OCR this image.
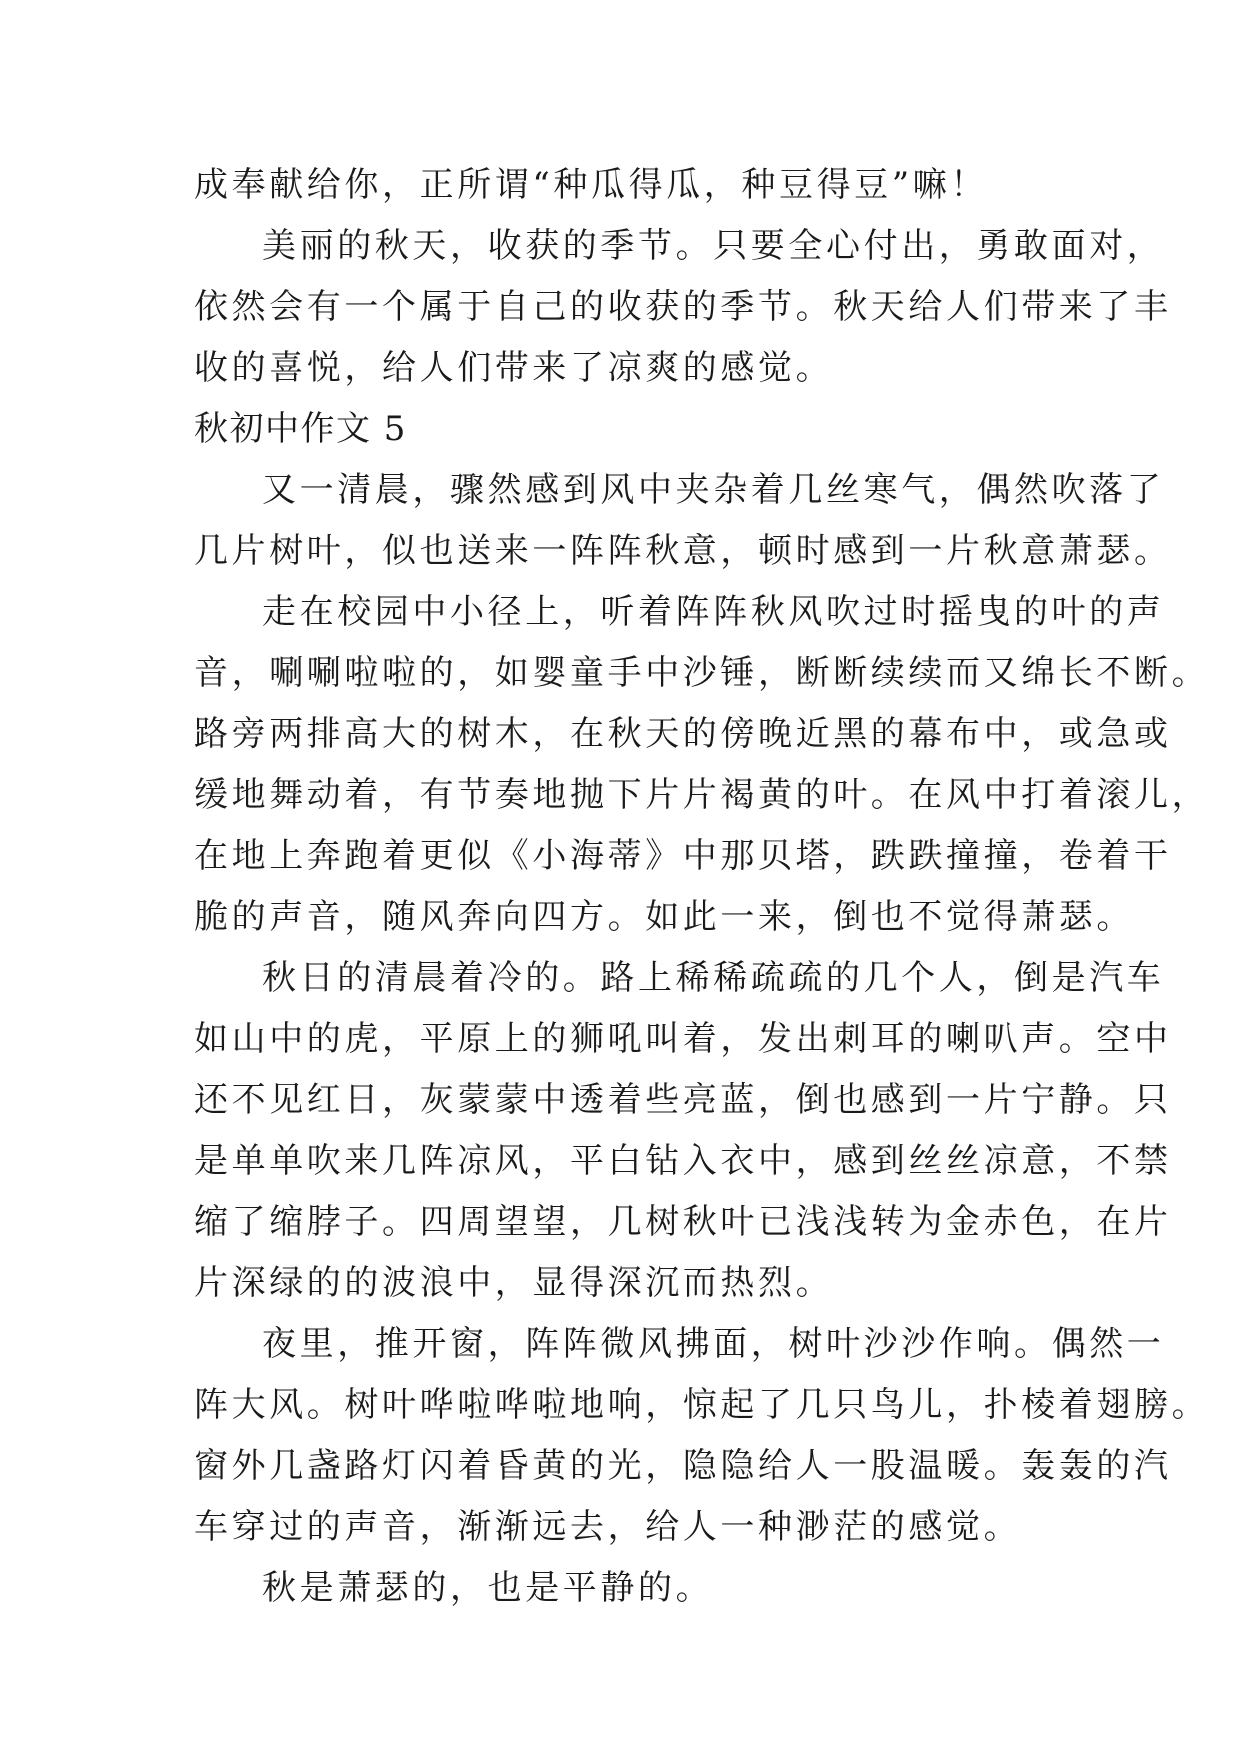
成奉献给你，正所谓“种瓜得瓜，种豆得豆”嘛！
美丽的秋天，收获的季节。只要全心付出，勇敢面对，
依然会有一个属于自己的收获的季节。秋天给人们带来了丰
收的喜悦，给人们带来了凉爽的感觉。
秋初中作文 5
又一清晨，骤然感到风中夹杂着几丝寒气，偶然吹落了
几片树叶，似也送来一阵阵秋意，顿时感到一片秋意萧瑟。
走在校园中小径上，听着阵阵秋风吹过时摇曳的叶的声
音，唰唰啦啦的，如婴童手中沙锤，断断续续而又绵长不断。
路旁两排高大的树木，在秋天的傍晚近黑的幕布中，或急或
缓地舞动着，有节奏地抛下片片褐黄的叶。在风中打着滚儿，
在地上奔跑着更似《小海蒂》中那贝塔，跌跌撞撞，卷着干
脆的声音，随风奔向四方。如此一来，倒也不觉得萧瑟。
秋日的清晨着冷的。路上稀稀疏疏的几个人，倒是汽车
如山中的虎，平原上的狮吼叫着，发出刺耳的喇叭声。空中
还不见红日，灰蒙蒙中透着些亮蓝，倒也感到一片宁静。只
是单单吹来几阵凉风，平白钻入衣中，感到丝丝凉意，不禁
缩了缩脖子。四周望望，几树秋叶已浅浅转为金赤色，在片
片深绿的的波浪中，显得深沉而热烈。
夜里，推开窗，阵阵微风拂面，树叶沙沙作响。偶然一
阵大风。树叶哗啦哗啦地响，惊起了几只鸟儿，扑棱着翅膀。
窗外几盏路灯闪着昏黄的光，隐隐给人一股温暖。轰轰的汽
车穿过的声音，渐渐远去，给人一种渺茫的感觉。
秋是萧瑟的，也是平静的。
